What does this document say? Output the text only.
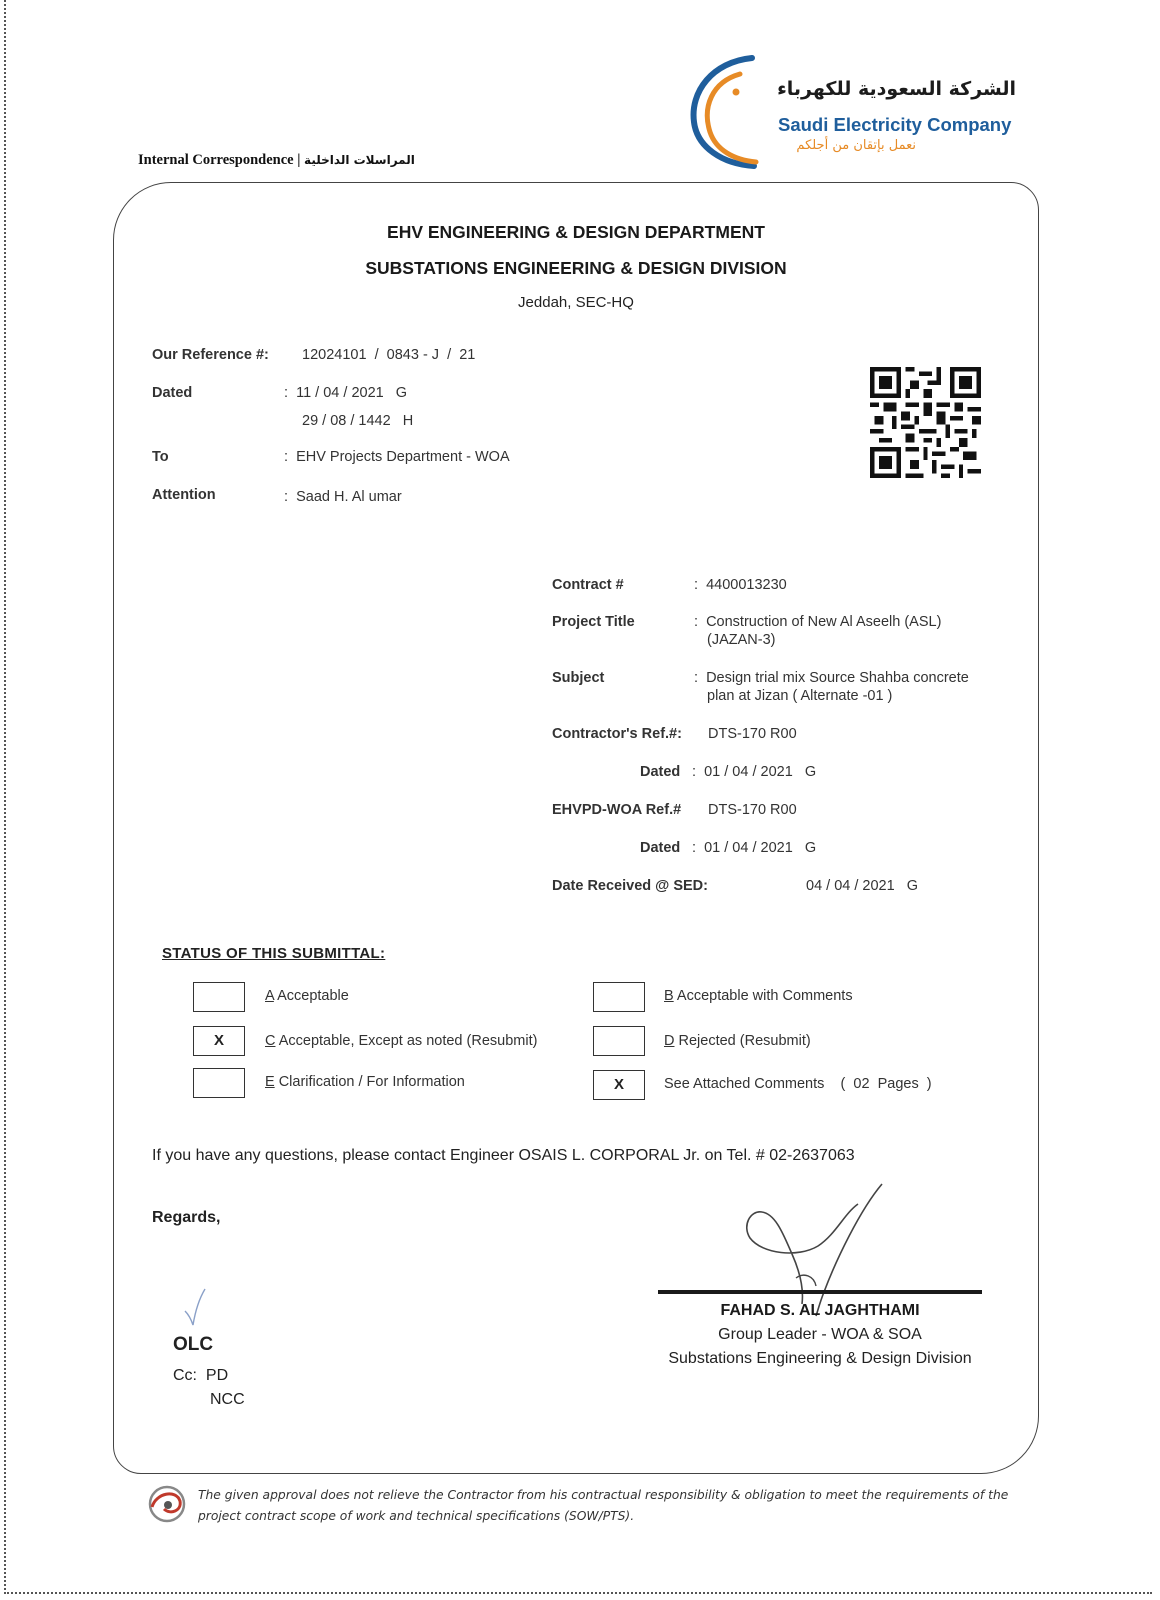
الشركة السعودية للكهرباء
Saudi Electricity Company
نعمل بإتقان من أجلكم
Internal Correspondence | المراسلات الداخلية
EHV ENGINEERING & DESIGN DEPARTMENT
SUBSTATIONS ENGINEERING & DESIGN DIVISION
Jeddah, SEC-HQ
Our Reference #: 12024101  /  0843 - J  /  21
Dated	:  11 / 04 / 2021   G
29 / 08 / 1442   H
To	:  EHV Projects Department - WOA
Attention	:  Saad H. Al umar
Contract #	:  4400013230
Project Title	:  Construction of New Al Aseelh (ASL)
(JAZAN-3)
Subject	:  Design trial mix Source Shahba concrete
plan at Jizan ( Alternate -01 )
Contractor's Ref.#: DTS-170 R00
Dated :  01 / 04 / 2021   G
EHVPD-WOA Ref.# DTS-170 R00
Dated :  01 / 04 / 2021   G
Date Received @ SED:	04 / 04 / 2021   G
STATUS OF THIS SUBMITTAL:
A Acceptable	B Acceptable with Comments
X	C Acceptable, Except as noted (Resubmit)	D Rejected (Resubmit)
E Clarification / For Information	X	See Attached Comments    (  02  Pages  )
If you have any questions, please contact Engineer OSAIS L. CORPORAL Jr. on Tel. # 02-2637063
Regards,
FAHAD S. AL JAGHTHAMI
Group Leader - WOA & SOA
Substations Engineering & Design Division
OLC
Cc:  PD
NCC
The given approval does not relieve the Contractor from his contractual responsibility & obligation to meet the requirements of the project contract scope of work and technical specifications (SOW/PTS).
